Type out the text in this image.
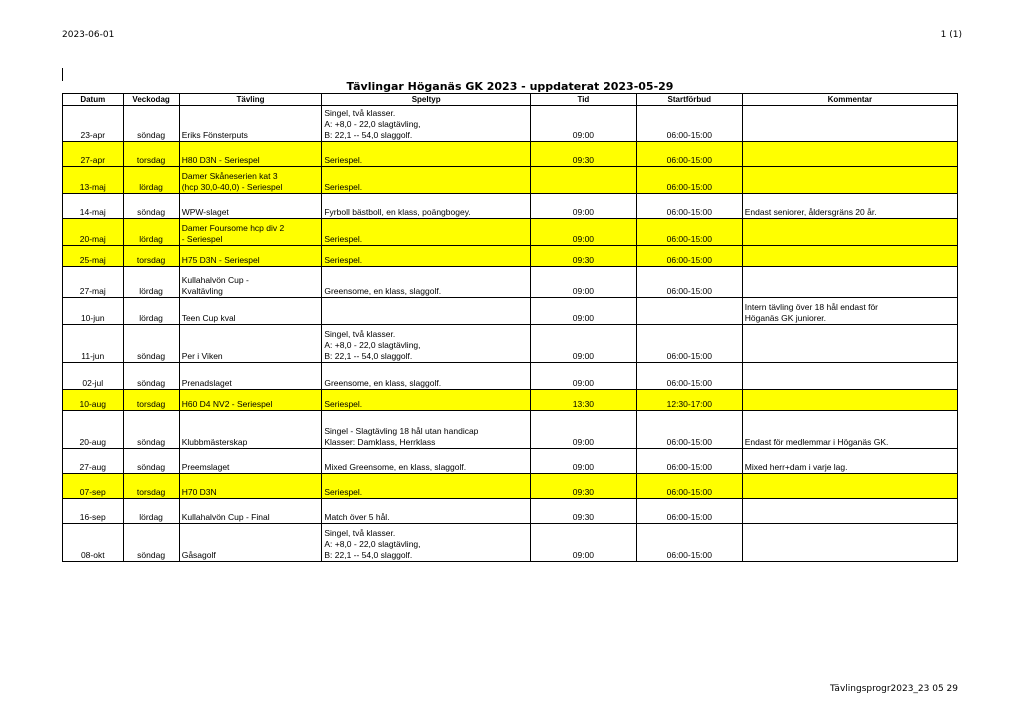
2023-06-01	1 (1)
Tävlingar Höganäs GK 2023 - uppdaterat 2023-05-29						
Datum	Veckodag	Tävling	Speltyp	Tid	Startförbud	Kommentar
23-apr	söndag	Eriks Fönsterputs	Singel, två klasser.
A: +8,0 - 22,0 slagtävling,
B: 22,1 -- 54,0 slaggolf.	09:00	06:00-15:00	
27-apr	torsdag	H80 D3N - Seriespel	Seriespel.	09:30	06:00-15:00	
13-maj	lördag	Damer Skåneserien kat 3
(hcp 30,0-40,0) - Seriespel	Seriespel.		06:00-15:00	
14-maj	söndag	WPW-slaget	Fyrboll bästboll, en klass, poängbogey.	09:00	06:00-15:00	Endast seniorer, åldersgräns 20 år.
20-maj	lördag	Damer Foursome hcp div 2
- Seriespel	Seriespel.	09:00	06:00-15:00	
25-maj	torsdag	H75 D3N - Seriespel	Seriespel.	09:30	06:00-15:00	
27-maj	lördag	Kullahalvön Cup -
Kvaltävling	Greensome, en klass, slaggolf.	09:00	06:00-15:00	
10-jun	lördag	Teen Cup kval		09:00		Intern tävling över 18 hål endast för
Höganäs GK juniorer.
11-jun	söndag	Per i Viken	Singel, två klasser.
A: +8,0 - 22,0 slagtävling,
B: 22,1 -- 54,0 slaggolf.	09:00	06:00-15:00	
02-jul	söndag	Prenadslaget	Greensome, en klass, slaggolf.	09:00	06:00-15:00	
10-aug	torsdag	H60 D4 NV2 - Seriespel	Seriespel.	13:30	12:30-17:00	
20-aug	söndag	Klubbmästerskap	Singel - Slagtävling 18 hål utan handicap
Klasser: Damklass, Herrklass	09:00	06:00-15:00	Endast för medlemmar i Höganäs GK.
27-aug	söndag	Preemslaget	Mixed Greensome, en klass, slaggolf.	09:00	06:00-15:00	Mixed herr+dam i varje lag.
07-sep	torsdag	H70 D3N	Seriespel.	09:30	06:00-15:00	
16-sep	lördag	Kullahalvön Cup - Final	Match över 5 hål.	09:30	06:00-15:00	
08-okt	söndag	Gåsagolf	Singel, två klasser.
A: +8,0 - 22,0 slagtävling,
B: 22,1 -- 54,0 slaggolf.	09:00	06:00-15:00	
Tävlingsprogr2023_23 05 29
